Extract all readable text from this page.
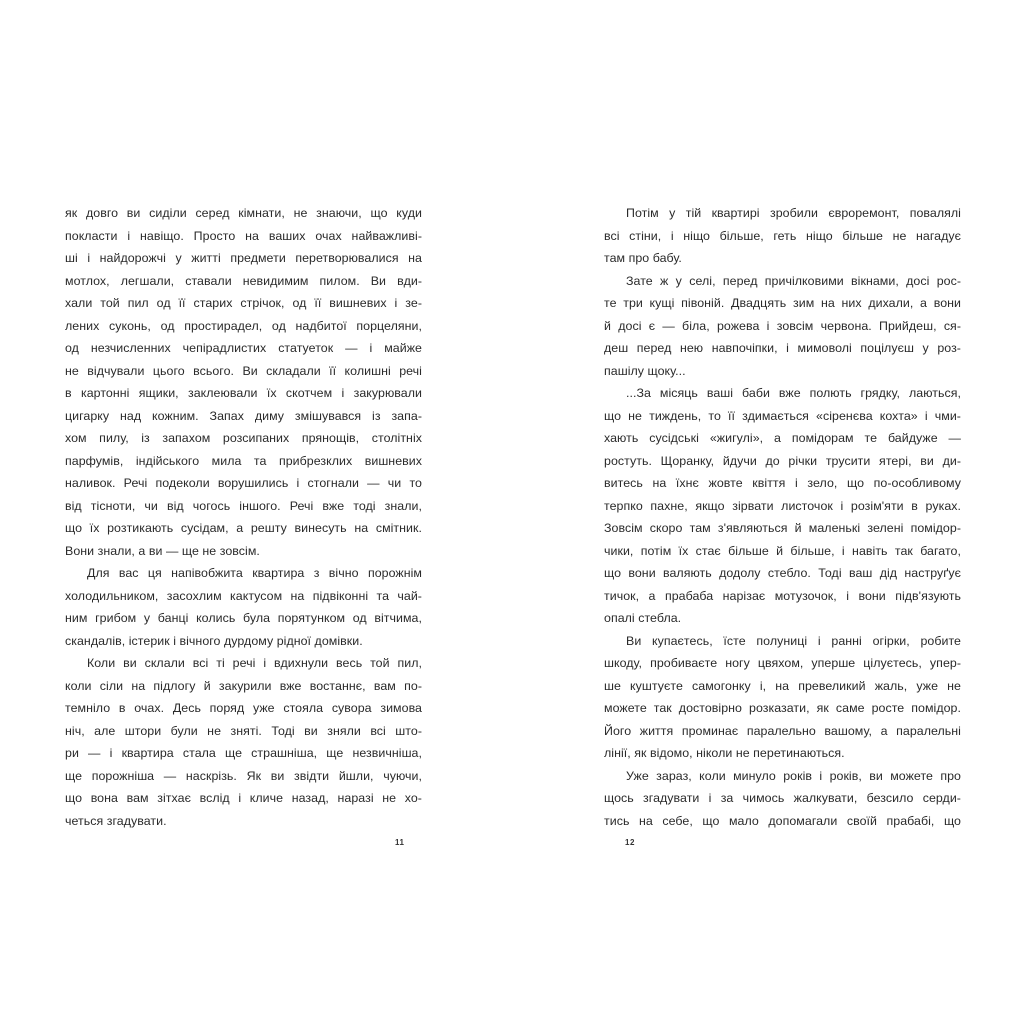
як довго ви сиділи серед кімнати, не знаючи, що куди
покласти і навіщо. Просто на ваших очах найважливі-
ші і найдорожчі у житті предмети перетворювалися на
мотлох, легшали, ставали невидимим пилом. Ви вди-
хали той пил од її старих стрічок, од її вишневих і зе-
лених суконь, од простирадел, од надбитої порцеляни,
од незчисленних чепірадлистих статуеток — і майже
не відчували цього всього. Ви складали її колишні речі
в картонні ящики, заклеювали їх скотчем і закурювали
цигарку над кожним. Запах диму змішувався із запа-
хом пилу, із запахом розсипаних прянощів, столітніх
парфумів, індійського мила та прибрезклих вишневих
наливок. Речі подеколи ворушились і стогнали — чи то
від тісноти, чи від чогось іншого. Речі вже тоді знали,
що їх розтикають сусідам, а решту винесуть на смітник.
Вони знали, а ви — ще не зовсім.
Для вас ця напівобжита квартира з вічно порожнім
холодильником, засохлим кактусом на підвіконні та чай-
ним грибом у банці колись була порятунком од вітчима,
скандалів, істерик і вічного дурдому рідної домівки.
Коли ви склали всі ті речі і вдихнули весь той пил,
коли сіли на підлогу й закурили вже востаннє, вам по-
темніло в очах. Десь поряд уже стояла сувора зимова
ніч, але штори були не зняті. Тоді ви зняли всі што-
ри — і квартира стала ще страшніша, ще незвичніша,
ще порожніша — наскрізь. Як ви звідти йшли, чуючи,
що вона вам зітхає вслід і кличе назад, наразі не хо-
четься згадувати.
11
Потім у тій квартирі зробили євроремонт, повалялі
всі стіни, і ніщо більше, геть ніщо більше не нагадує
там про бабу.
Зате ж у селі, перед причілковими вікнами, досі рос-
те три кущі півоній. Двадцять зим на них дихали, а вони
й досі є — біла, рожева і зовсім червона. Прийдеш, ся-
деш перед нею навпочіпки, і мимоволі поцілуєш у роз-
пашілу щоку...
...За місяць ваші баби вже полють грядку, лаються,
що не тиждень, то її здимається «сіренєва кохта» і чми-
хають сусідські «жигулі», а помідорам те байдуже —
ростуть. Щоранку, йдучи до річки трусити ятері, ви ди-
витесь на їхнє жовте квіття і зело, що по-особливому
терпко пахне, якщо зірвати листочок і розім'яти в руках.
Зовсім скоро там з'являються й маленькі зелені помідор-
чики, потім їх стає більше й більше, і навіть так багато,
що вони валяють додолу стебло. Тоді ваш дід наструґує
тичок, а прабаба нарізає мотузочок, і вони підв'язують
опалі стебла.
Ви купаєтесь, їсте полуниці і ранні огірки, робите
шкоду, пробиваєте ногу цвяхом, уперше цілуєтесь, упер-
ше куштуєте самогонку і, на превеликий жаль, уже не
можете так достовірно розказати, як саме росте помідор.
Його життя проминає паралельно вашому, а паралельні
лінії, як відомо, ніколи не перетинаються.
Уже зараз, коли минуло років і років, ви можете про
щось згадувати і за чимось жалкувати, безсило серди-
тись на себе, що мало допомагали своїй прабабі, що
12
